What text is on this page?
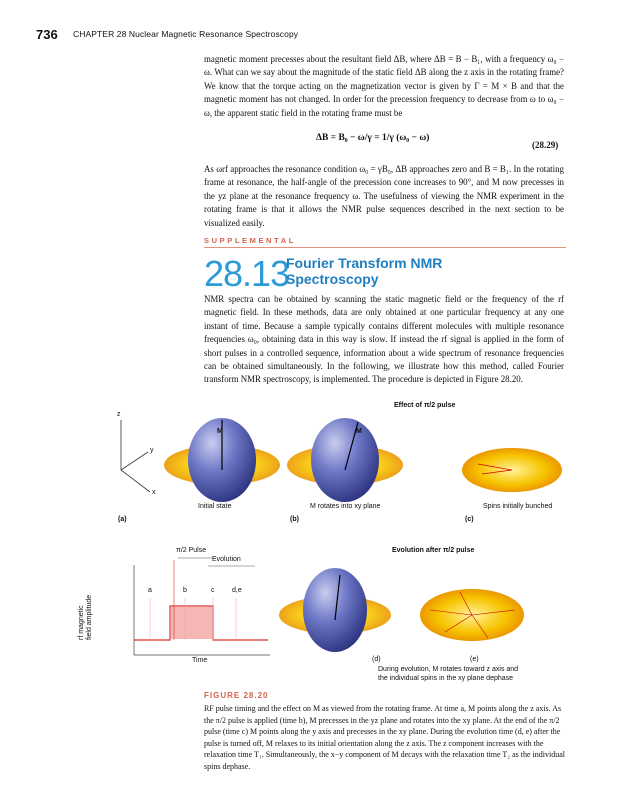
736 CHAPTER 28 Nuclear Magnetic Resonance Spectroscopy
magnetic moment precesses about the resultant field ΔB, where ΔB = B − B₁, with a frequency ω₀ − ω. What can we say about the magnitude of the static field ΔB along the z axis in the rotating frame? We know that the torque acting on the magnetization vector is given by Γ = M × B and that the magnetic moment has not changed. In order for the precession frequency to decrease from ω to ω₀ − ω, the apparent static field in the rotating frame must be
ΔB = B₀ − ω/γ = 1/γ (ω₀ − ω)
(28.29)
As ωrf approaches the resonance condition ω₀ = γB₀, ΔB approaches zero and B = B₁. In the rotating frame at resonance, the half-angle of the precession cone increases to 90°, and M now precesses in the yz plane at the resonance frequency ω. The usefulness of viewing the NMR experiment in the rotating frame is that it allows the NMR pulse sequences described in the next section to be visualized easily.
SUPPLEMENTAL
28.13
Fourier Transform NMR
Spectroscopy
NMR spectra can be obtained by scanning the static magnetic field or the frequency of the rf magnetic field. In these methods, data are only obtained at one particular frequency at any one instant of time. Because a sample typically contains different molecules with multiple resonance frequencies ω₀, obtaining data in this way is slow. If instead the rf signal is applied in the form of short pulses in a controlled sequence, information about a wide spectrum of resonance frequencies can be obtained simultaneously. In the following, we illustrate how this method, called Fourier transform NMR spectroscopy, is implemented. The procedure is depicted in Figure 28.20.
Effect of π/2 pulse
z
y
x
M	M
Initial state	M rotates into xy plane	Spins initially bunched
(a)	(b)	(c)
π/2 Pulse
Evolution
a	b	c	d,e
rf magnetic field amplitude
Time
Evolution after π/2 pulse
(d)	(e)
During evolution, M rotates toward z axis and
the individual spins in the xy plane dephase
FIGURE 28.20
RF pulse timing and the effect on M as viewed from the rotating frame. At time a, M points along the z axis. As the π/2 pulse is applied (time b), M precesses in the yz plane and rotates into the xy plane. At the end of the π/2 pulse (time c) M points along the y axis and precesses in the xy plane. During the evolution time (d, e) after the pulse is turned off, M relaxes to its initial orientation along the z axis. The z component increases with the relaxation time T₁. Simultaneously, the x−y component of M decays with the relaxation time T₂ as the individual spins dephase.
